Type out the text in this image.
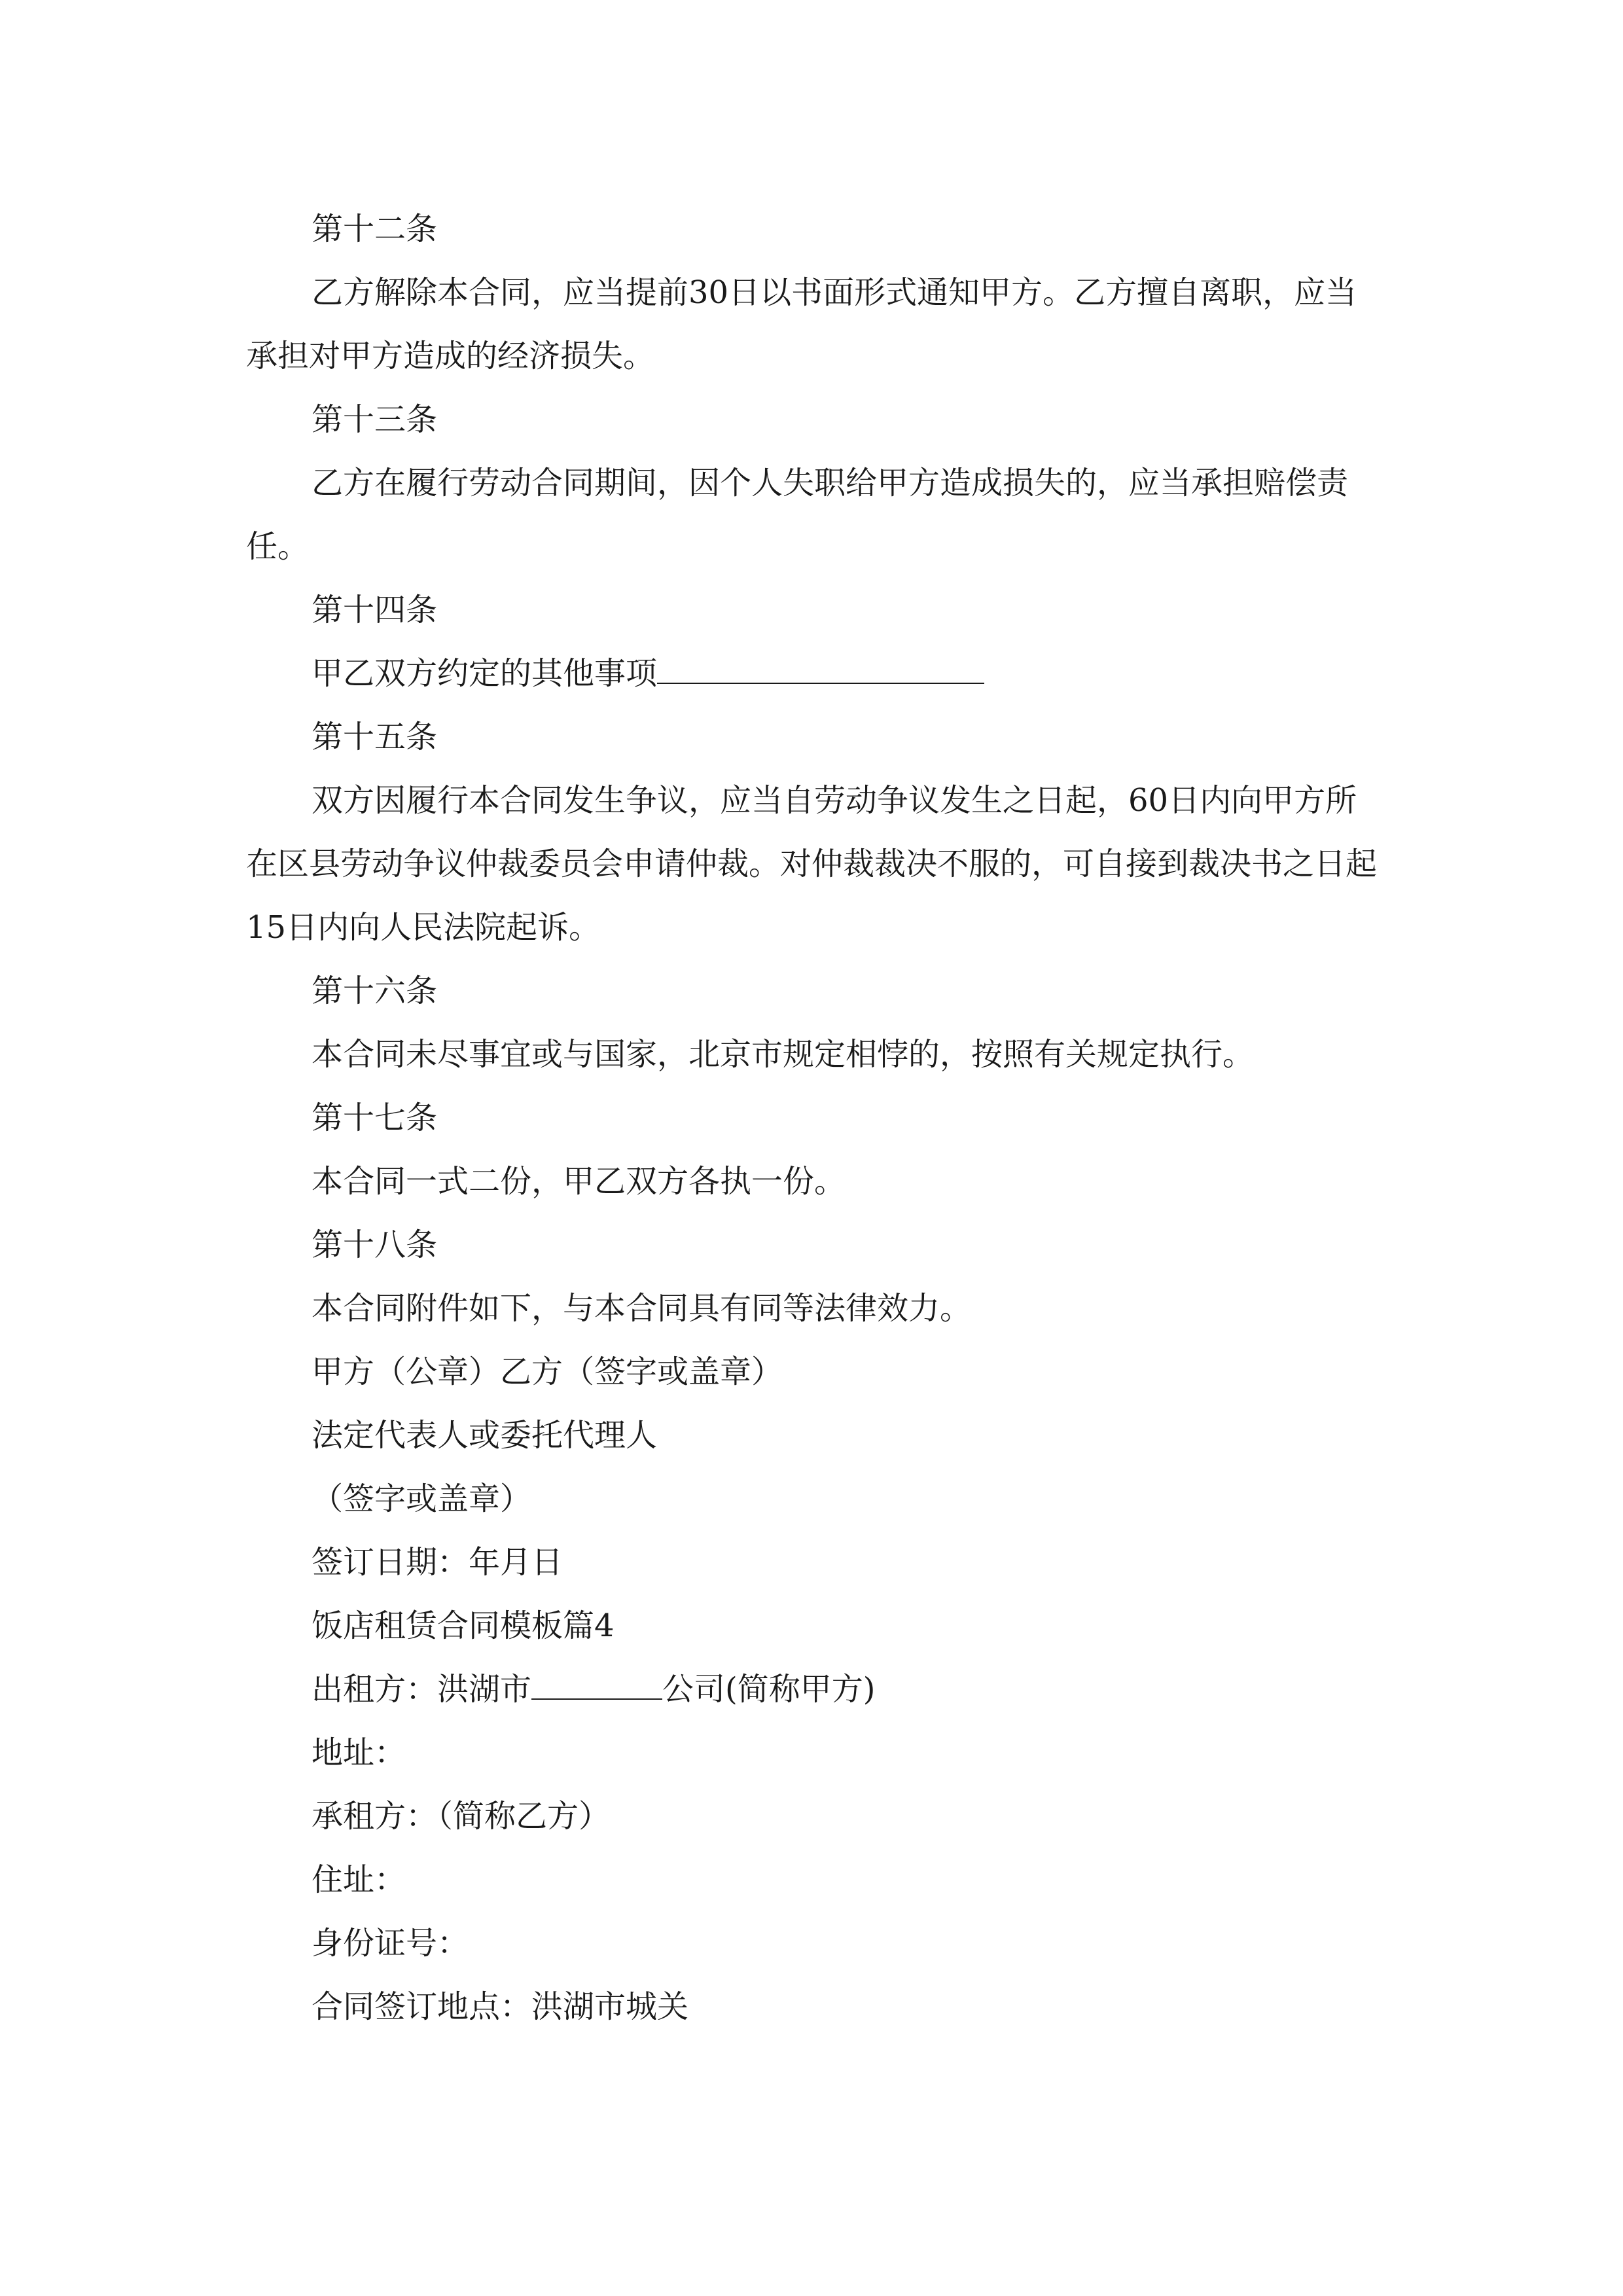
第十二条

乙方解除本合同，应当提前30日以书面形式通知甲方。乙方擅自离职，应当承担对甲方造成的经济损失。

第十三条

乙方在履行劳动合同期间，因个人失职给甲方造成损失的，应当承担赔偿责任。

第十四条

甲乙双方约定的其他事项

第十五条

双方因履行本合同发生争议，应当自劳动争议发生之日起，60日内向甲方所在区县劳动争议仲裁委员会申请仲裁。对仲裁裁决不服的，可自接到裁决书之日起15日内向人民法院起诉。

第十六条

本合同未尽事宜或与国家，北京市规定相悖的，按照有关规定执行。

第十七条

本合同一式二份，甲乙双方各执一份。

第十八条

本合同附件如下，与本合同具有同等法律效力。

甲方（公章）乙方（签字或盖章）

法定代表人或委托代理人

（签字或盖章）

签订日期：年月日

饭店租赁合同模板篇4

出租方：洪湖市	公司(简称甲方)

地址：

承租方：（简称乙方）

住址：

身份证号：

合同签订地点：洪湖市城关
